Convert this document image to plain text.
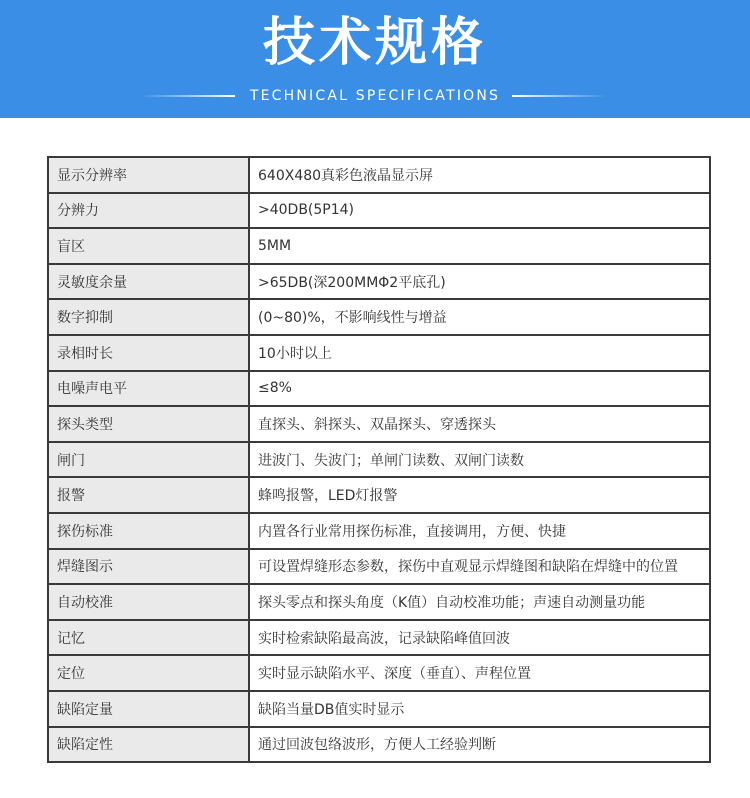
技术规格
TECHNICAL SPECIFICATIONS
显示分辨率	640X480真彩色液晶显示屏
分辨力	>40DB(5P14)
盲区	5MM
灵敏度余量	>65DB(深200MMΦ2平底孔)
数字抑制	(0~80)%，不影响线性与增益
录相时长	10小时以上
电噪声电平	≤8%
探头类型	直探头、斜探头、双晶探头、穿透探头
闸门	进波门、失波门；单闸门读数、双闸门读数
报警	蜂鸣报警，LED灯报警
探伤标准	内置各行业常用探伤标准，直接调用，方便、快捷
焊缝图示	可设置焊缝形态参数，探伤中直观显示焊缝图和缺陷在焊缝中的位置
自动校准	探头零点和探头角度（K值）自动校准功能；声速自动测量功能
记忆	实时检索缺陷最高波，记录缺陷峰值回波
定位	实时显示缺陷水平、深度（垂直）、声程位置
缺陷定量	缺陷当量DB值实时显示
缺陷定性	通过回波包络波形，方便人工经验判断
